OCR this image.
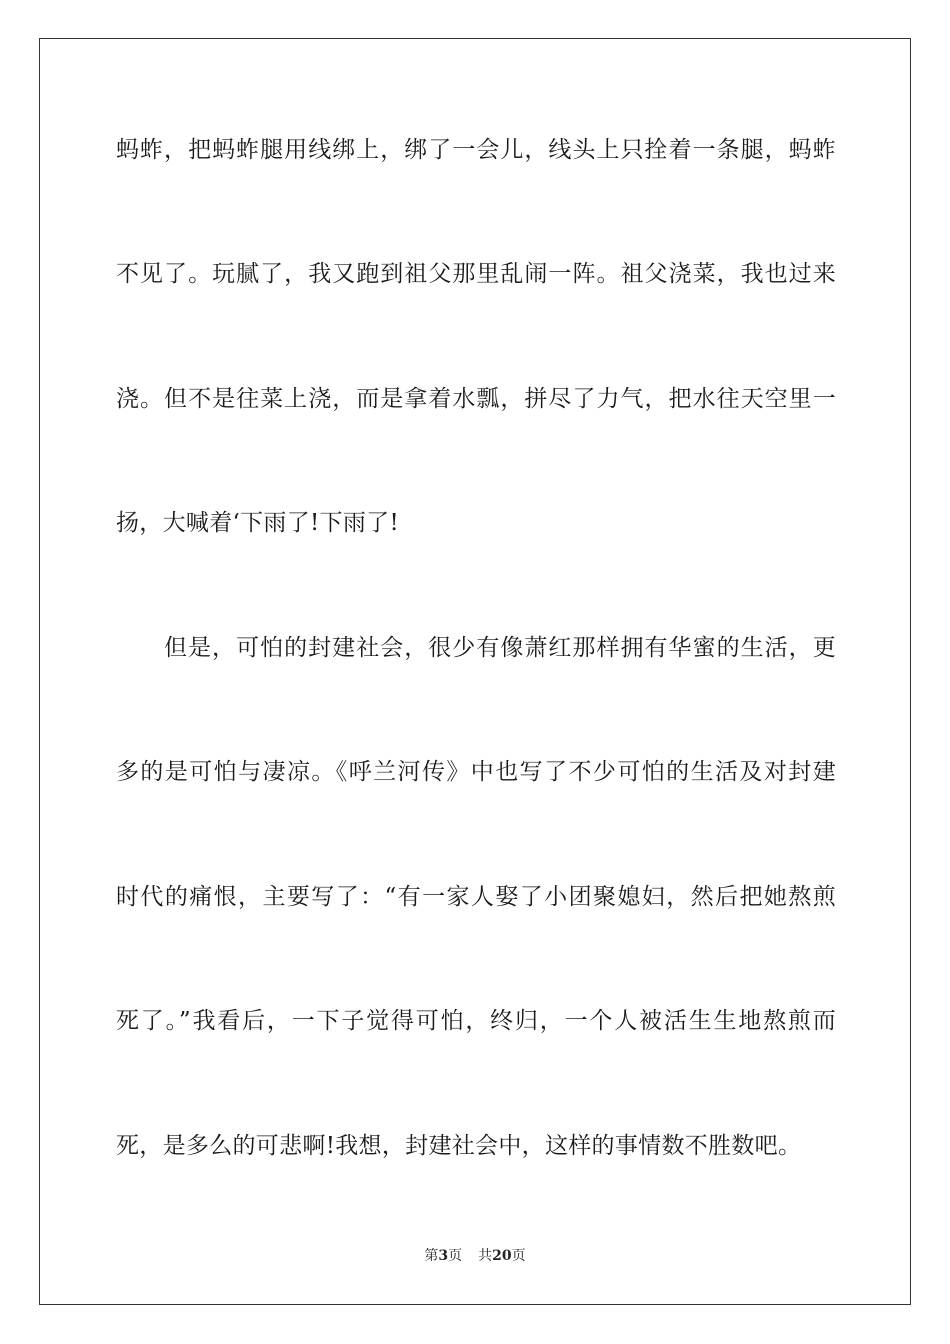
蚂蚱，把蚂蚱腿用线绑上，绑了一会儿，线头上只拴着一条腿，蚂蚱
不见了。玩腻了，我又跑到祖父那里乱闹一阵。祖父浇菜，我也过来
浇。但不是往菜上浇，而是拿着水瓢，拼尽了力气，把水往天空里一
扬，大喊着‘下雨了!下雨了!
但是，可怕的封建社会，很少有像萧红那样拥有华蜜的生活，更
多的是可怕与凄凉。《呼兰河传》中也写了不少可怕的生活及对封建
时代的痛恨，主要写了：“有一家人娶了小团聚媳妇，然后把她熬煎
死了。”我看后，一下子觉得可怕，终归，一个人被活生生地熬煎而
死，是多么的可悲啊!我想，封建社会中，这样的事情数不胜数吧。
第3页 共20页
